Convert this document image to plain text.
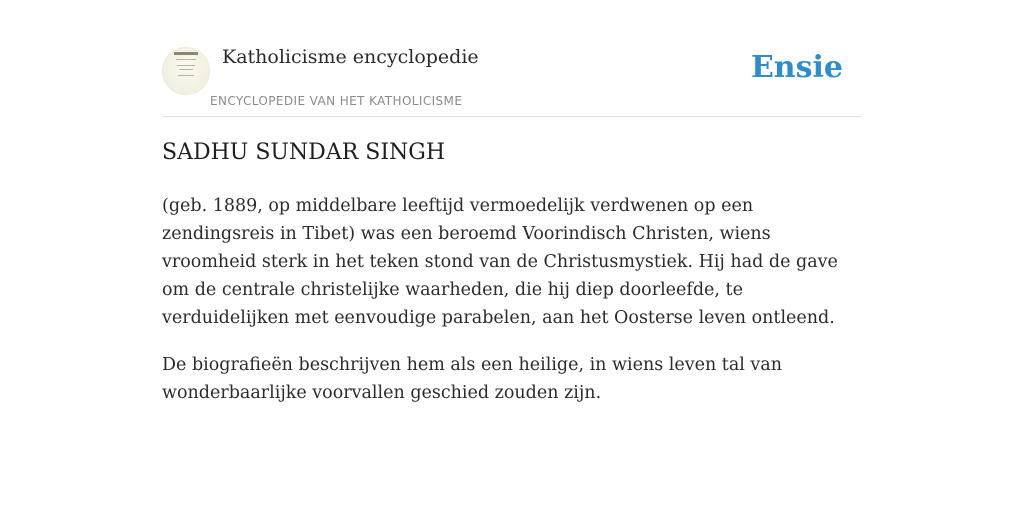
Katholicisme encyclopedie
ENCYCLOPEDIE VAN HET KATHOLICISME
Ensie
SADHU SUNDAR SINGH

(geb. 1889, op middelbare leeftijd vermoedelijk verdwenen op een zendingsreis in Tibet) was een beroemd Voorindisch Christen, wiens vroomheid sterk in het teken stond van de Christusmystiek. Hij had de gave om de centrale christelijke waarheden, die hij diep doorleefde, te verduidelijken met eenvoudige parabelen, aan het Oosterse leven ontleend.

De biografieën beschrijven hem als een heilige, in wiens leven tal van wonderbaarlijke voorvallen geschied zouden zijn.
